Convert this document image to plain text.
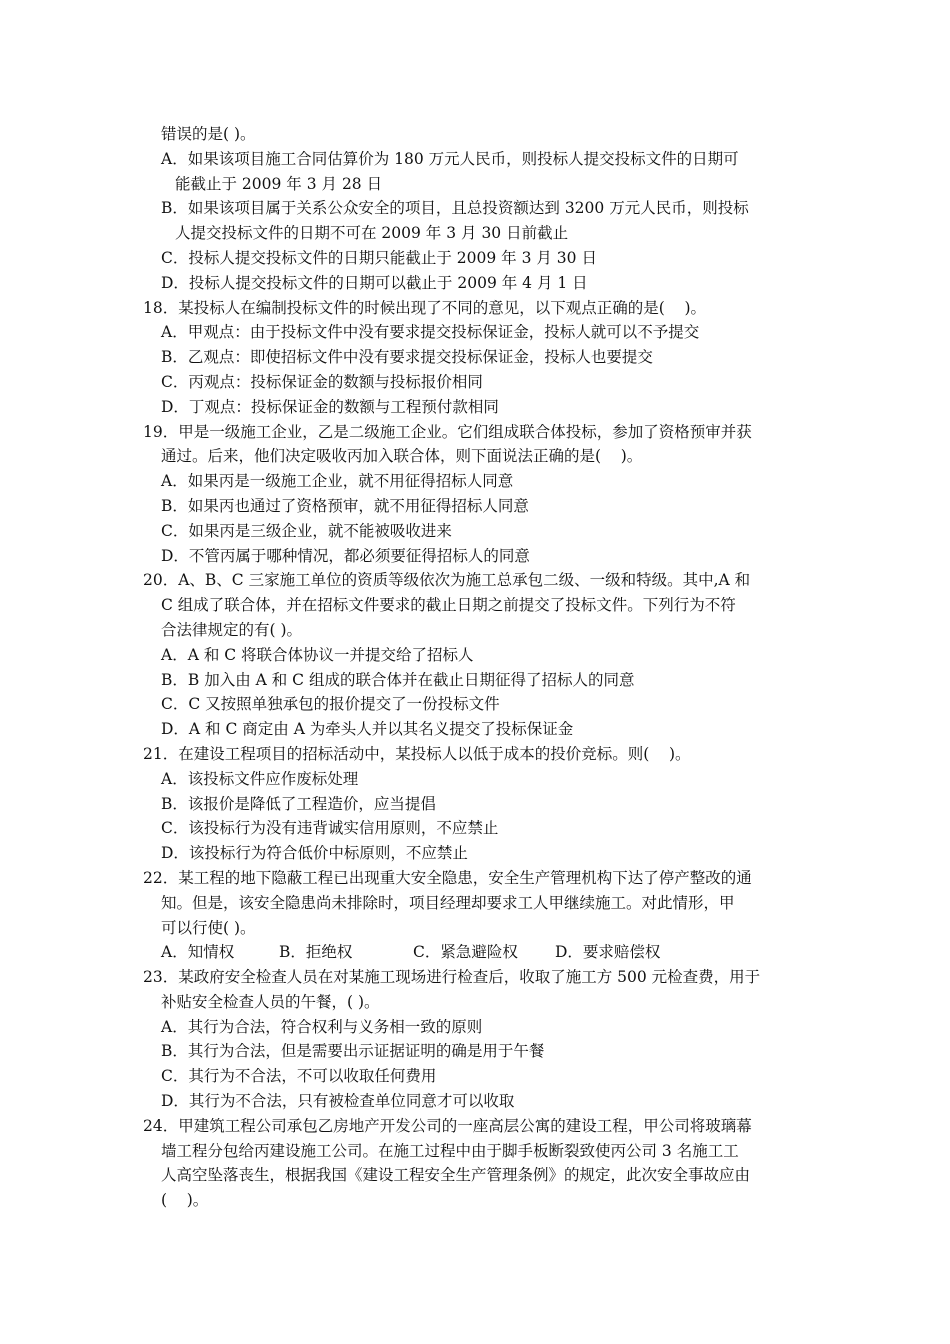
错误的是( )。
A．如果该项目施工合同估算价为 180 万元人民币，则投标人提交投标文件的日期可
能截止于 2009 年 3 月 28 日
B．如果该项目属于关系公众安全的项目，且总投资额达到 3200 万元人民币，则投标
人提交投标文件的日期不可在 2009 年 3 月 30 日前截止
C．投标人提交投标文件的日期只能截止于 2009 年 3 月 30 日
D．投标人提交投标文件的日期可以截止于 2009 年 4 月 1 日
18．某投标人在编制投标文件的时候出现了不同的意见，以下观点正确的是(    )。
A．甲观点：由于投标文件中没有要求提交投标保证金，投标人就可以不予提交
B．乙观点：即使招标文件中没有要求提交投标保证金，投标人也要提交
C．丙观点：投标保证金的数额与投标报价相同
D．丁观点：投标保证金的数额与工程预付款相同
19．甲是一级施工企业，乙是二级施工企业。它们组成联合体投标，参加了资格预审并获
通过。后来，他们决定吸收丙加入联合体，则下面说法正确的是(    )。
A．如果丙是一级施工企业，就不用征得招标人同意
B．如果丙也通过了资格预审，就不用征得招标人同意
C．如果丙是三级企业，就不能被吸收进来
D．不管丙属于哪种情况，都必须要征得招标人的同意
20．A、B、C 三家施工单位的资质等级依次为施工总承包二级、一级和特级。其中,A 和
C 组成了联合体，并在招标文件要求的截止日期之前提交了投标文件。下列行为不符
合法律规定的有( )。
A．A 和 C 将联合体协议一并提交给了招标人
B．B 加入由 A 和 C 组成的联合体并在截止日期征得了招标人的同意
C．C 又按照单独承包的报价提交了一份投标文件
D．A 和 C 商定由 A 为牵头人并以其名义提交了投标保证金
21．在建设工程项目的招标活动中，某投标人以低于成本的投价竞标。则(    )。
A．该投标文件应作废标处理
B．该报价是降低了工程造价，应当提倡
C．该投标行为没有违背诚实信用原则，不应禁止
D．该投标行为符合低价中标原则，不应禁止
22．某工程的地下隐蔽工程已出现重大安全隐患，安全生产管理机构下达了停产整改的通
知。但是，该安全隐患尚未排除时，项目经理却要求工人甲继续施工。对此情形，甲
可以行使( )。
A．知情权	B．拒绝权	C．紧急避险权	D．要求赔偿权
23．某政府安全检查人员在对某施工现场进行检查后，收取了施工方 500 元检查费，用于
补贴安全检查人员的午餐，( )。
A．其行为合法，符合权利与义务相一致的原则
B．其行为合法，但是需要出示证据证明的确是用于午餐
C．其行为不合法，不可以收取任何费用
D．其行为不合法，只有被检查单位同意才可以收取
24．甲建筑工程公司承包乙房地产开发公司的一座高层公寓的建设工程，甲公司将玻璃幕
墙工程分包给丙建设施工公司。在施工过程中由于脚手板断裂致使丙公司 3 名施工工
人高空坠落丧生，根据我国《建设工程安全生产管理条例》的规定，此次安全事故应由
(    )。
